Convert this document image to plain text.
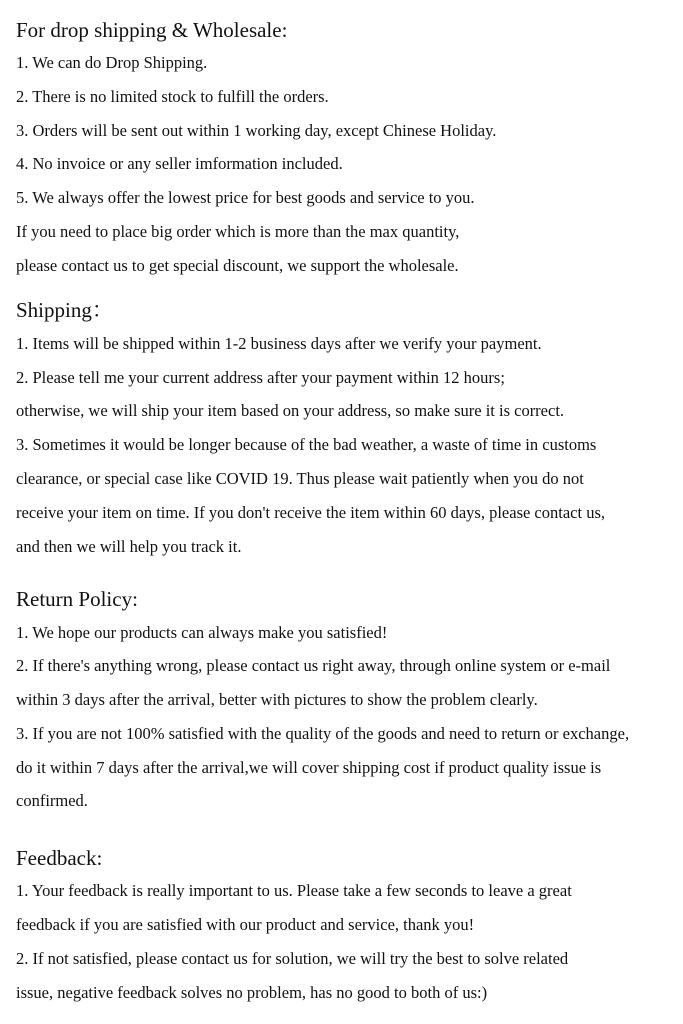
For drop shipping & Wholesale:

1. We can do Drop Shipping.

2. There is no limited stock to fulfill the orders.

3. Orders will be sent out within 1 working day, except Chinese Holiday.

4. No invoice or any seller imformation included.

5. We always offer the lowest price for best goods and service to you.

If you need to place big order which is more than the max quantity,

please contact us to get special discount, we support the wholesale.

Shipping：

1. Items will be shipped within 1-2 business days after we verify your payment.

2. Please tell me your current address after your payment within 12 hours;

otherwise, we will ship your item based on your address, so make sure it is correct.

3. Sometimes it would be longer because of the bad weather, a waste of time in customs

clearance, or special case like COVID 19. Thus please wait patiently when you do not

receive your item on time. If you don't receive the item within 60 days, please contact us,

and then we will help you track it.

Return Policy:

1. We hope our products can always make you satisfied!

2. If there's anything wrong, please contact us right away, through online system or e-mail

within 3 days after the arrival, better with pictures to show the problem clearly.

3. If you are not 100% satisfied with the quality of the goods and need to return or exchange,

do it within 7 days after the arrival,we will cover shipping cost if product quality issue is

confirmed.

Feedback:

1. Your feedback is really important to us. Please take a few seconds to leave a great

feedback if you are satisfied with our product and service, thank you!

2. If not satisfied, please contact us for solution, we will try the best to solve related

issue, negative feedback solves no problem, has no good to both of us:)
